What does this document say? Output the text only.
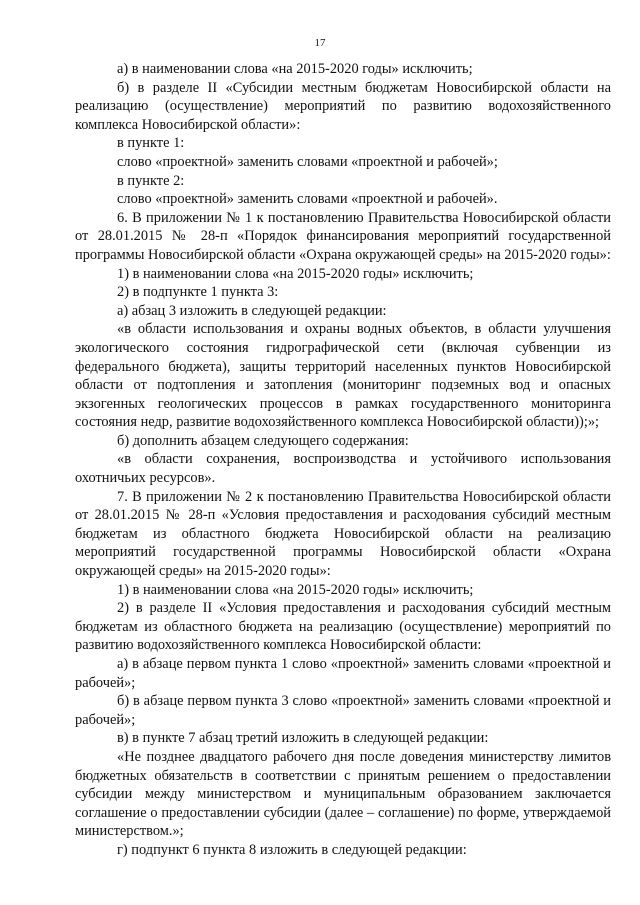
17

а) в наименовании слова «на 2015-2020 годы» исключить;

б) в разделе II «Субсидии местным бюджетам Новосибирской области на реализацию (осуществление) мероприятий по развитию водохозяйственного комплекса Новосибирской области»:

в пункте 1:

слово «проектной» заменить словами «проектной и рабочей»;

в пункте 2:

слово «проектной» заменить словами «проектной и рабочей».

6. В приложении № 1 к постановлению Правительства Новосибирской области от 28.01.2015 № 28-п «Порядок финансирования мероприятий государственной программы Новосибирской области «Охрана окружающей среды» на 2015-2020 годы»:

1) в наименовании слова «на 2015-2020 годы» исключить;

2) в подпункте 1 пункта 3:

а) абзац 3 изложить в следующей редакции:

«в области использования и охраны водных объектов, в области улучшения экологического состояния гидрографической сети (включая субвенции из федерального бюджета), защиты территорий населенных пунктов Новосибирской области от подтопления и затопления (мониторинг подземных вод и опасных экзогенных геологических процессов в рамках государственного мониторинга состояния недр, развитие водохозяйственного комплекса Новосибирской области));»;

б) дополнить абзацем следующего содержания:

«в области сохранения, воспроизводства и устойчивого использования охотничьих ресурсов».

7. В приложении № 2 к постановлению Правительства Новосибирской области от 28.01.2015 № 28-п «Условия предоставления и расходования субсидий местным бюджетам из областного бюджета Новосибирской области на реализацию мероприятий государственной программы Новосибирской области «Охрана окружающей среды» на 2015-2020 годы»:

1) в наименовании слова «на 2015-2020 годы» исключить;

2) в разделе II «Условия предоставления и расходования субсидий местным бюджетам из областного бюджета на реализацию (осуществление) мероприятий по развитию водохозяйственного комплекса Новосибирской области:

а) в абзаце первом пункта 1 слово «проектной» заменить словами «проектной и рабочей»;

б) в абзаце первом пункта 3 слово «проектной» заменить словами «проектной и рабочей»;

в) в пункте 7 абзац третий изложить в следующей редакции:

«Не позднее двадцатого рабочего дня после доведения министерству лимитов бюджетных обязательств в соответствии с принятым решением о предоставлении субсидии между министерством и муниципальным образованием заключается соглашение о предоставлении субсидии (далее – соглашение) по форме, утверждаемой министерством.»;

г) подпункт 6 пункта 8 изложить в следующей редакции:
